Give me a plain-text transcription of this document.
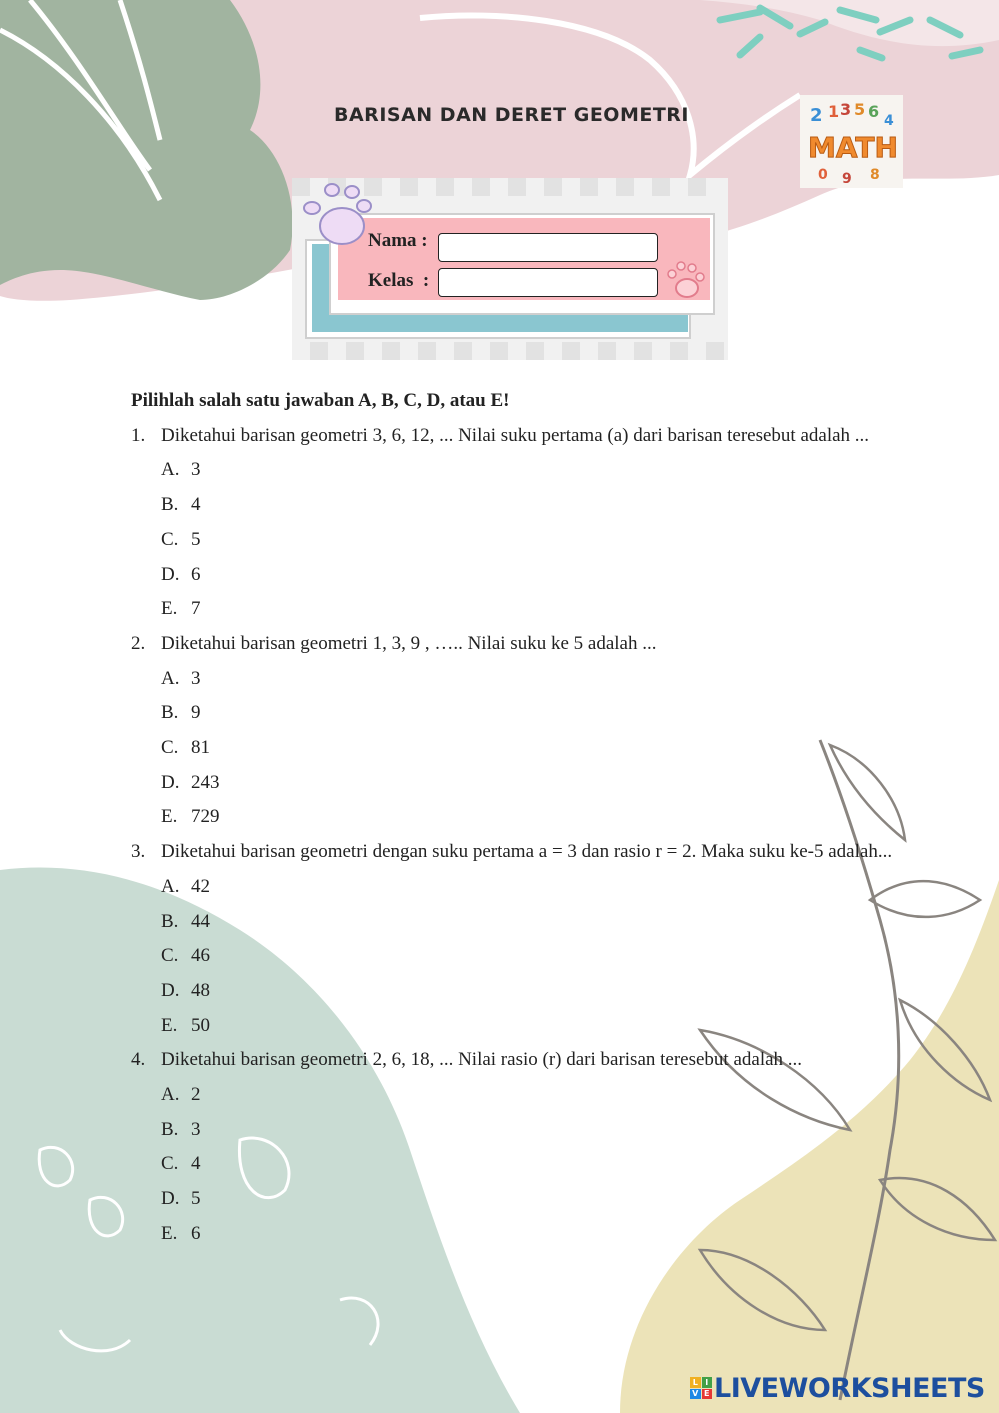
BARISAN DAN DERET GEOMETRI	2 1 3 5 6 4
MATH
0 9 8
Nama :
Kelas  :

Pilihlah salah satu jawaban A, B, C, D, atau E!

1. Diketahui barisan geometri 3, 6, 12, ... Nilai suku pertama (a) dari barisan teresebut adalah ...
A. 3
B. 4
C. 5
D. 6
E. 7
2. Diketahui barisan geometri 1, 3, 9 , ….. Nilai suku ke 5 adalah ...
A. 3
B. 9
C. 81
D. 243
E. 729
3. Diketahui barisan geometri dengan suku pertama a = 3 dan rasio r = 2. Maka suku ke-5 adalah...
A. 42
B. 44
C. 46
D. 48
E. 50
4. Diketahui barisan geometri 2, 6, 18, ... Nilai rasio (r) dari barisan teresebut adalah ...
A. 2
B. 3
C. 4
D. 5
E. 6
L I
V E LIVEWORKSHEETS
